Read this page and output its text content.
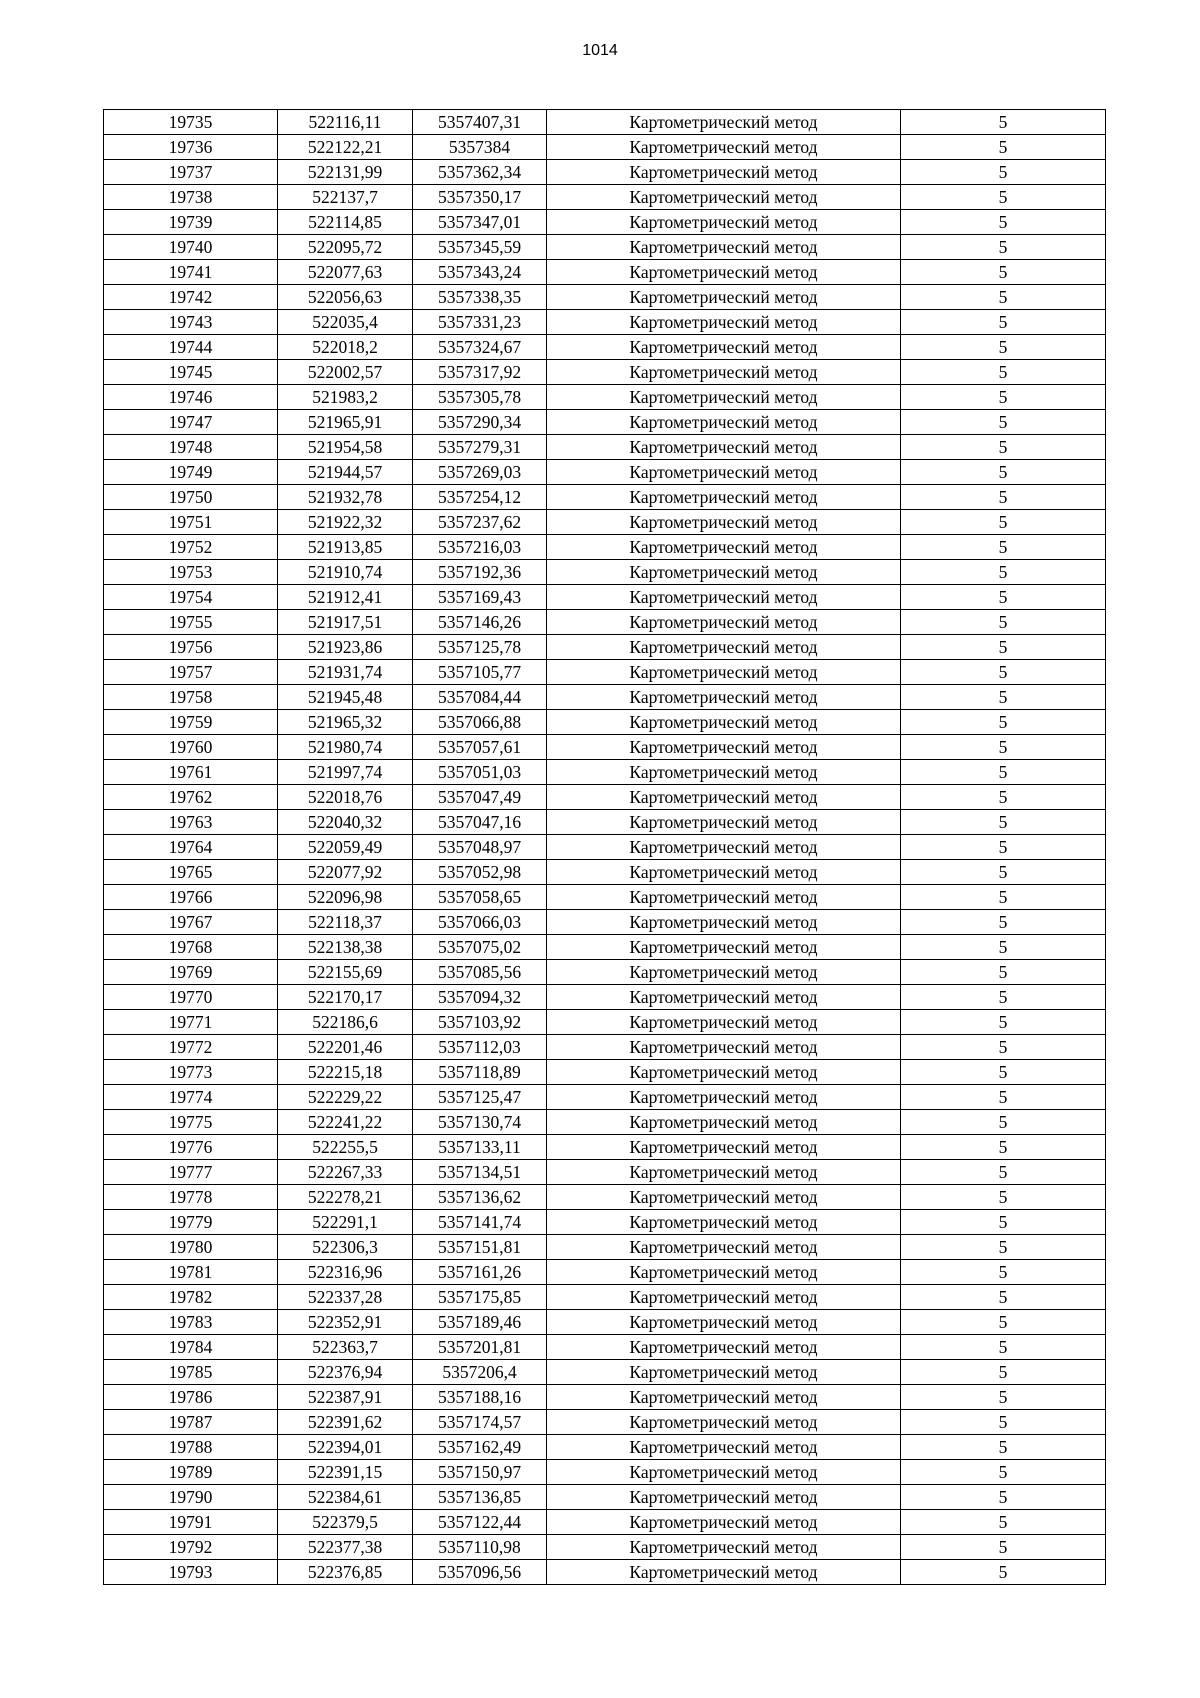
1014
19735	522116,11	5357407,31	Картометрический метод	5
19736	522122,21	5357384	Картометрический метод	5
19737	522131,99	5357362,34	Картометрический метод	5
19738	522137,7	5357350,17	Картометрический метод	5
19739	522114,85	5357347,01	Картометрический метод	5
19740	522095,72	5357345,59	Картометрический метод	5
19741	522077,63	5357343,24	Картометрический метод	5
19742	522056,63	5357338,35	Картометрический метод	5
19743	522035,4	5357331,23	Картометрический метод	5
19744	522018,2	5357324,67	Картометрический метод	5
19745	522002,57	5357317,92	Картометрический метод	5
19746	521983,2	5357305,78	Картометрический метод	5
19747	521965,91	5357290,34	Картометрический метод	5
19748	521954,58	5357279,31	Картометрический метод	5
19749	521944,57	5357269,03	Картометрический метод	5
19750	521932,78	5357254,12	Картометрический метод	5
19751	521922,32	5357237,62	Картометрический метод	5
19752	521913,85	5357216,03	Картометрический метод	5
19753	521910,74	5357192,36	Картометрический метод	5
19754	521912,41	5357169,43	Картометрический метод	5
19755	521917,51	5357146,26	Картометрический метод	5
19756	521923,86	5357125,78	Картометрический метод	5
19757	521931,74	5357105,77	Картометрический метод	5
19758	521945,48	5357084,44	Картометрический метод	5
19759	521965,32	5357066,88	Картометрический метод	5
19760	521980,74	5357057,61	Картометрический метод	5
19761	521997,74	5357051,03	Картометрический метод	5
19762	522018,76	5357047,49	Картометрический метод	5
19763	522040,32	5357047,16	Картометрический метод	5
19764	522059,49	5357048,97	Картометрический метод	5
19765	522077,92	5357052,98	Картометрический метод	5
19766	522096,98	5357058,65	Картометрический метод	5
19767	522118,37	5357066,03	Картометрический метод	5
19768	522138,38	5357075,02	Картометрический метод	5
19769	522155,69	5357085,56	Картометрический метод	5
19770	522170,17	5357094,32	Картометрический метод	5
19771	522186,6	5357103,92	Картометрический метод	5
19772	522201,46	5357112,03	Картометрический метод	5
19773	522215,18	5357118,89	Картометрический метод	5
19774	522229,22	5357125,47	Картометрический метод	5
19775	522241,22	5357130,74	Картометрический метод	5
19776	522255,5	5357133,11	Картометрический метод	5
19777	522267,33	5357134,51	Картометрический метод	5
19778	522278,21	5357136,62	Картометрический метод	5
19779	522291,1	5357141,74	Картометрический метод	5
19780	522306,3	5357151,81	Картометрический метод	5
19781	522316,96	5357161,26	Картометрический метод	5
19782	522337,28	5357175,85	Картометрический метод	5
19783	522352,91	5357189,46	Картометрический метод	5
19784	522363,7	5357201,81	Картометрический метод	5
19785	522376,94	5357206,4	Картометрический метод	5
19786	522387,91	5357188,16	Картометрический метод	5
19787	522391,62	5357174,57	Картометрический метод	5
19788	522394,01	5357162,49	Картометрический метод	5
19789	522391,15	5357150,97	Картометрический метод	5
19790	522384,61	5357136,85	Картометрический метод	5
19791	522379,5	5357122,44	Картометрический метод	5
19792	522377,38	5357110,98	Картометрический метод	5
19793	522376,85	5357096,56	Картометрический метод	5
